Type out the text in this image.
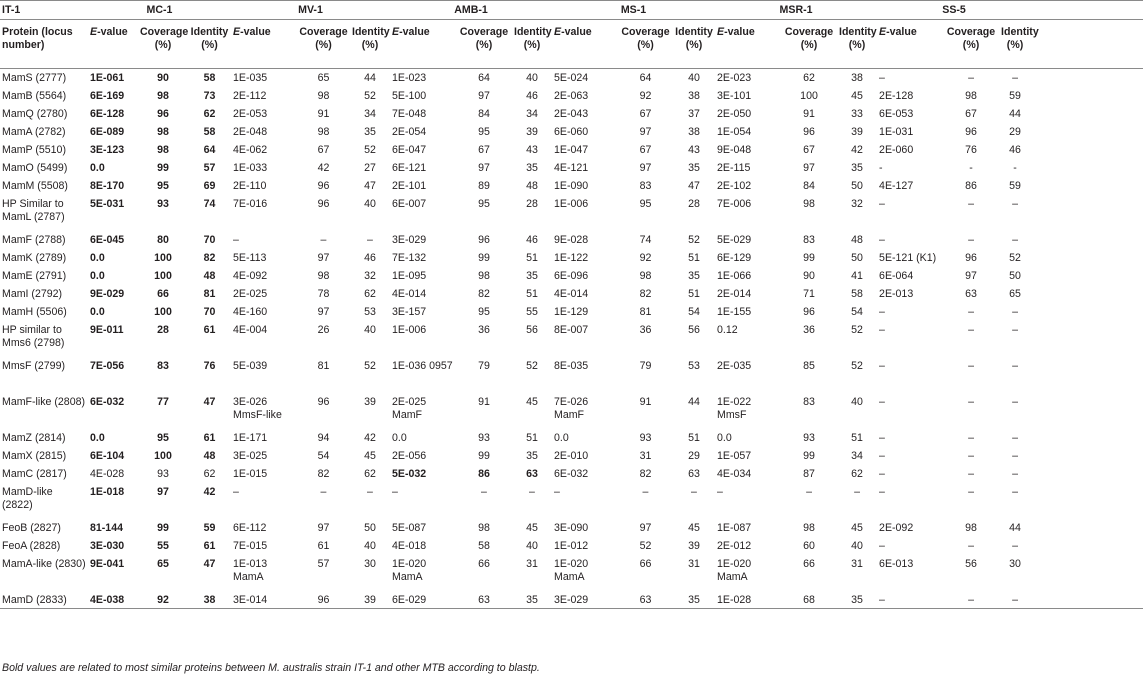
IT-1	MC-1			MV-1			AMB-1			MS-1			MSR-1			SS-5			
Protein (locus number)	E-value	Coverage (%)	Identity (%)	E-value	Coverage (%)	Identity (%)	E-value	Coverage (%)	Identity (%)	E-value	Coverage (%)	Identity (%)	E-value	Coverage (%)	Identity (%)	E-value	Coverage (%)	Identity (%)	
MamS (2777)	1E-061	90	58	1E-035	65	44	1E-023	64	40	5E-024	64	40	2E-023	62	38	–	–	–	
MamB (5564)	6E-169	98	73	2E-112	98	52	5E-100	97	46	2E-063	92	38	3E-101	100	45	2E-128	98	59	
MamQ (2780)	6E-128	96	62	2E-053	91	34	7E-048	84	34	2E-043	67	37	2E-050	91	33	6E-053	67	44	
MamA (2782)	6E-089	98	58	2E-048	98	35	2E-054	95	39	6E-060	97	38	1E-054	96	39	1E-031	96	29	
MamP (5510)	3E-123	98	64	4E-062	67	52	6E-047	67	43	1E-047	67	43	9E-048	67	42	2E-060	76	46	
MamO (5499)	0.0	99	57	1E-033	42	27	6E-121	97	35	4E-121	97	35	2E-115	97	35	-	-	-	
MamM (5508)	8E-170	95	69	2E-110	96	47	2E-101	89	48	1E-090	83	47	2E-102	84	50	4E-127	86	59	
HP Similar to MamL (2787)	5E-031	93	74	7E-016	96	40	6E-007	95	28	1E-006	95	28	7E-006	98	32	–	–	–	
MamF (2788)	6E-045	80	70	–	–	–	3E-029	96	46	9E-028	74	52	5E-029	83	48	–	–	–	
MamK (2789)	0.0	100	82	5E-113	97	46	7E-132	99	51	1E-122	92	51	6E-129	99	50	5E-121 (K1)	96	52	
MamE (2791)	0.0	100	48	4E-092	98	32	1E-095	98	35	6E-096	98	35	1E-066	90	41	6E-064	97	50	
MamI (2792)	9E-029	66	81	2E-025	78	62	4E-014	82	51	4E-014	82	51	2E-014	71	58	2E-013	63	65	
MamH (5506)	0.0	100	70	4E-160	97	53	3E-157	95	55	1E-129	81	54	1E-155	96	54	–	–	–	
HP similar to Mms6 (2798)	9E-011	28	61	4E-004	26	40	1E-006	36	56	8E-007	36	56	0.12	36	52	–	–	–	
MmsF (2799)	7E-056	83	76	5E-039	81	52	1E-036 0957	79	52	8E-035	79	53	2E-035	85	52	–	–	–	
MamF-like (2808)	6E-032	77	47	3E-026 MmsF-like	96	39	2E-025 MamF	91	45	7E-026 MamF	91	44	1E-022 MmsF	83	40	–	–	–	
MamZ (2814)	0.0	95	61	1E-171	94	42	0.0	93	51	0.0	93	51	0.0	93	51	–	–	–	
MamX (2815)	6E-104	100	48	3E-025	54	45	2E-056	99	35	2E-010	31	29	1E-057	99	34	–	–	–	
MamC (2817)	4E-028	93	62	1E-015	82	62	5E-032	86	63	6E-032	82	63	4E-034	87	62	–	–	–	
MamD-like (2822)	1E-018	97	42	–	–	–	–	–	–	–	–	–	–	–	–	–	–	–	
FeoB (2827)	81-144	99	59	6E-112	97	50	5E-087	98	45	3E-090	97	45	1E-087	98	45	2E-092	98	44	
FeoA (2828)	3E-030	55	61	7E-015	61	40	4E-018	58	40	1E-012	52	39	2E-012	60	40	–	–	–	
MamA-like (2830)	9E-041	65	47	1E-013 MamA	57	30	1E-020 MamA	66	31	1E-020 MamA	66	31	1E-020 MamA	66	31	6E-013	56	30	
MamD (2833)	4E-038	92	38	3E-014	96	39	6E-029	63	35	3E-029	63	35	1E-028	68	35	–	–	–	
Bold values are related to most similar proteins between M. australis strain IT-1 and other MTB according to blastp.
